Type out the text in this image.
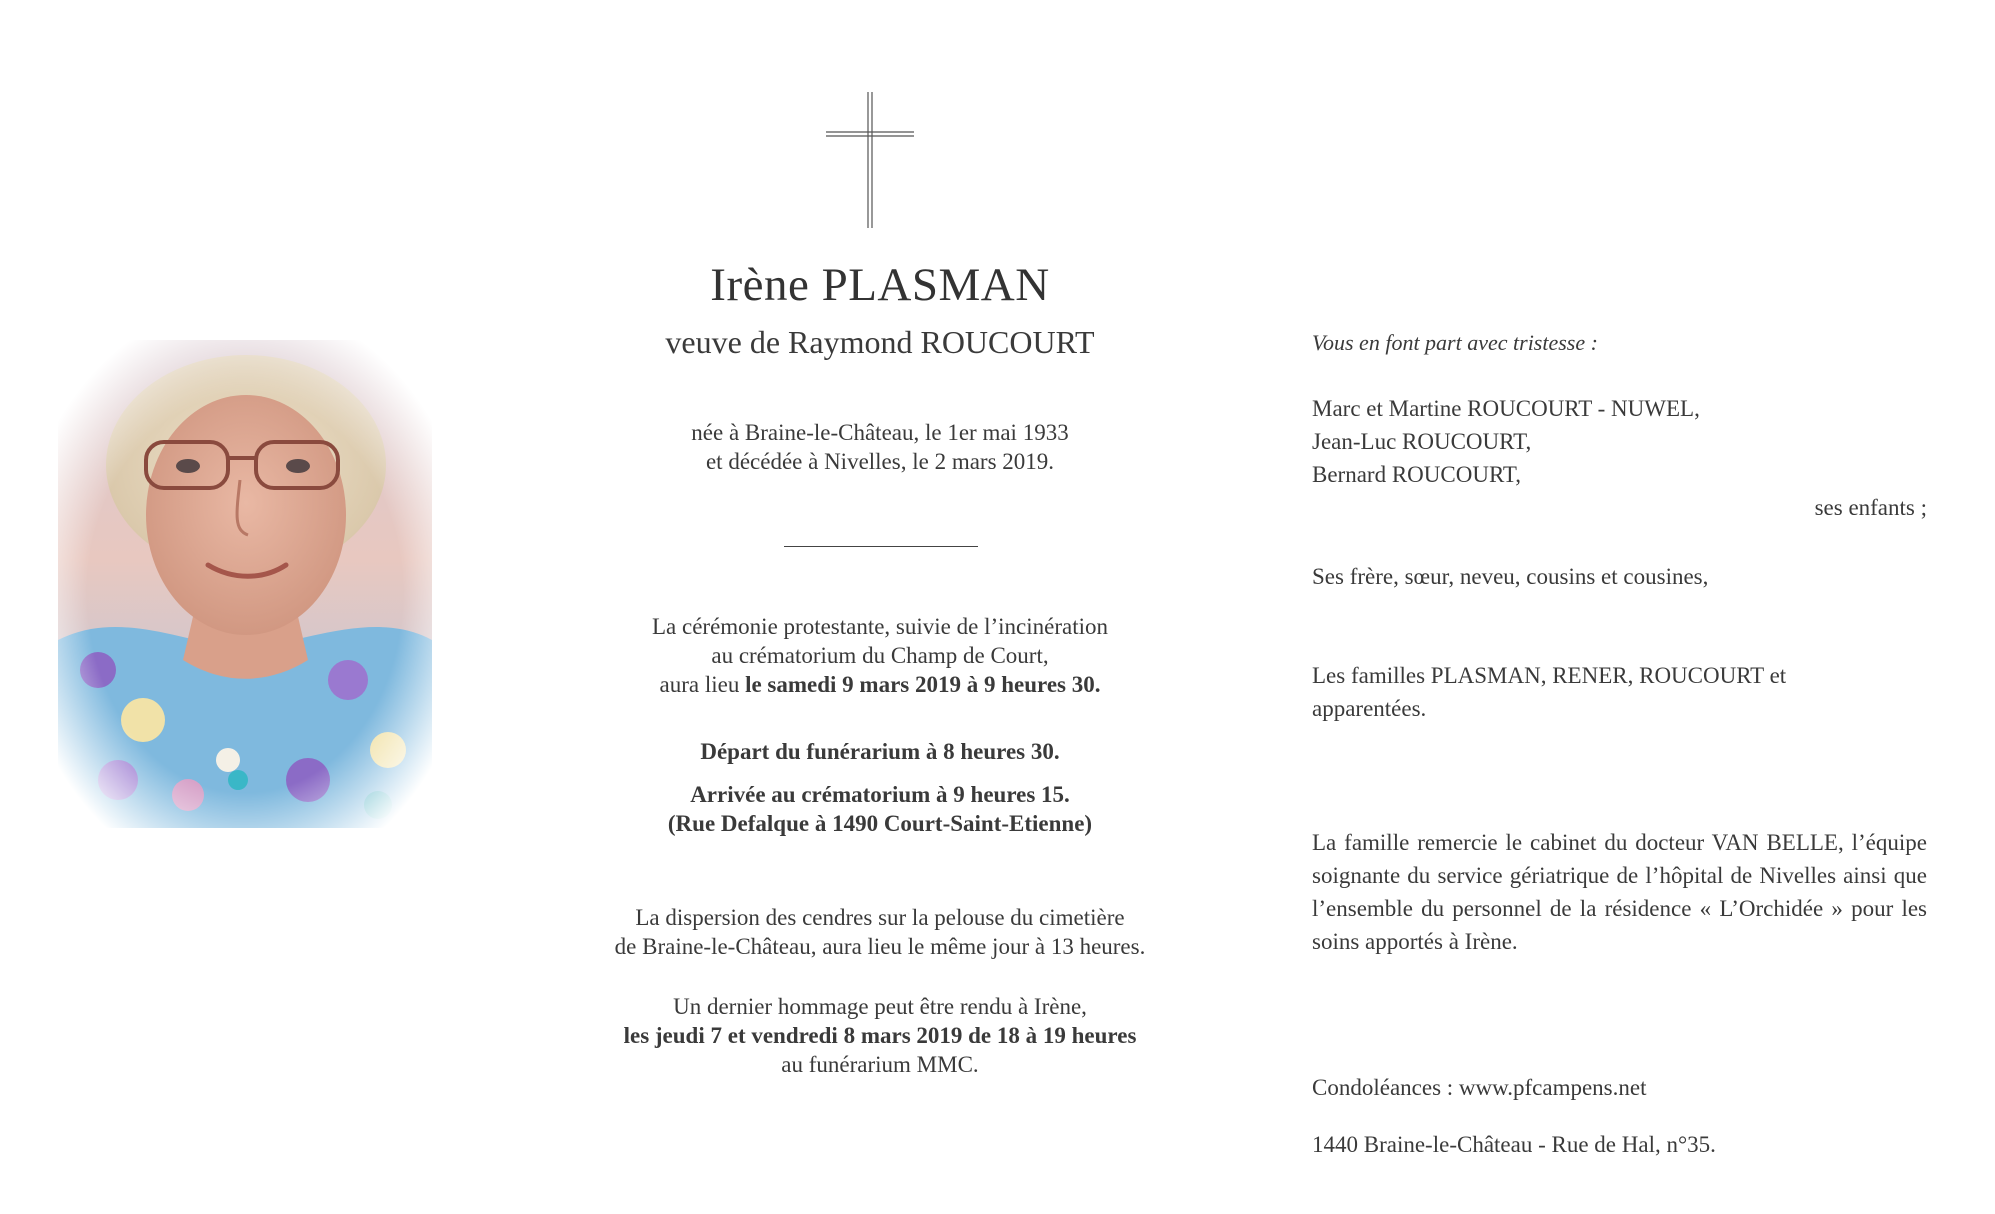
Irène PLASMAN
veuve de Raymond ROUCOURT
née à Braine-le-Château, le 1er mai 1933
et décédée à Nivelles, le 2 mars 2019.
La cérémonie protestante, suivie de l’incinération
au crématorium du Champ de Court,
aura lieu le samedi 9 mars 2019 à 9 heures 30.
Départ du funérarium à 8 heures 30.
Arrivée au crématorium à 9 heures 15.
(Rue Defalque à 1490 Court-Saint-Etienne)
La dispersion des cendres sur la pelouse du cimetière
de Braine-le-Château, aura lieu le même jour à 13 heures.
Un dernier hommage peut être rendu à Irène,
les jeudi 7 et vendredi 8 mars 2019 de 18 à 19 heures
au funérarium MMC.
Vous en font part avec tristesse :
Marc et Martine ROUCOURT - NUWEL,
Jean-Luc ROUCOURT,
Bernard ROUCOURT,
ses enfants ;
Ses frère, sœur, neveu, cousins et cousines,
Les familles PLASMAN, RENER, ROUCOURT et
apparentées.
La famille remercie le cabinet du docteur VAN BELLE, l’équipe soignante du service gériatrique de l’hôpital de Nivelles ainsi que l’ensemble du personnel de la résidence « L’Orchidée » pour les soins apportés à Irène.
Condoléances : www.pfcampens.net
1440 Braine-le-Château - Rue de Hal, n°35.
